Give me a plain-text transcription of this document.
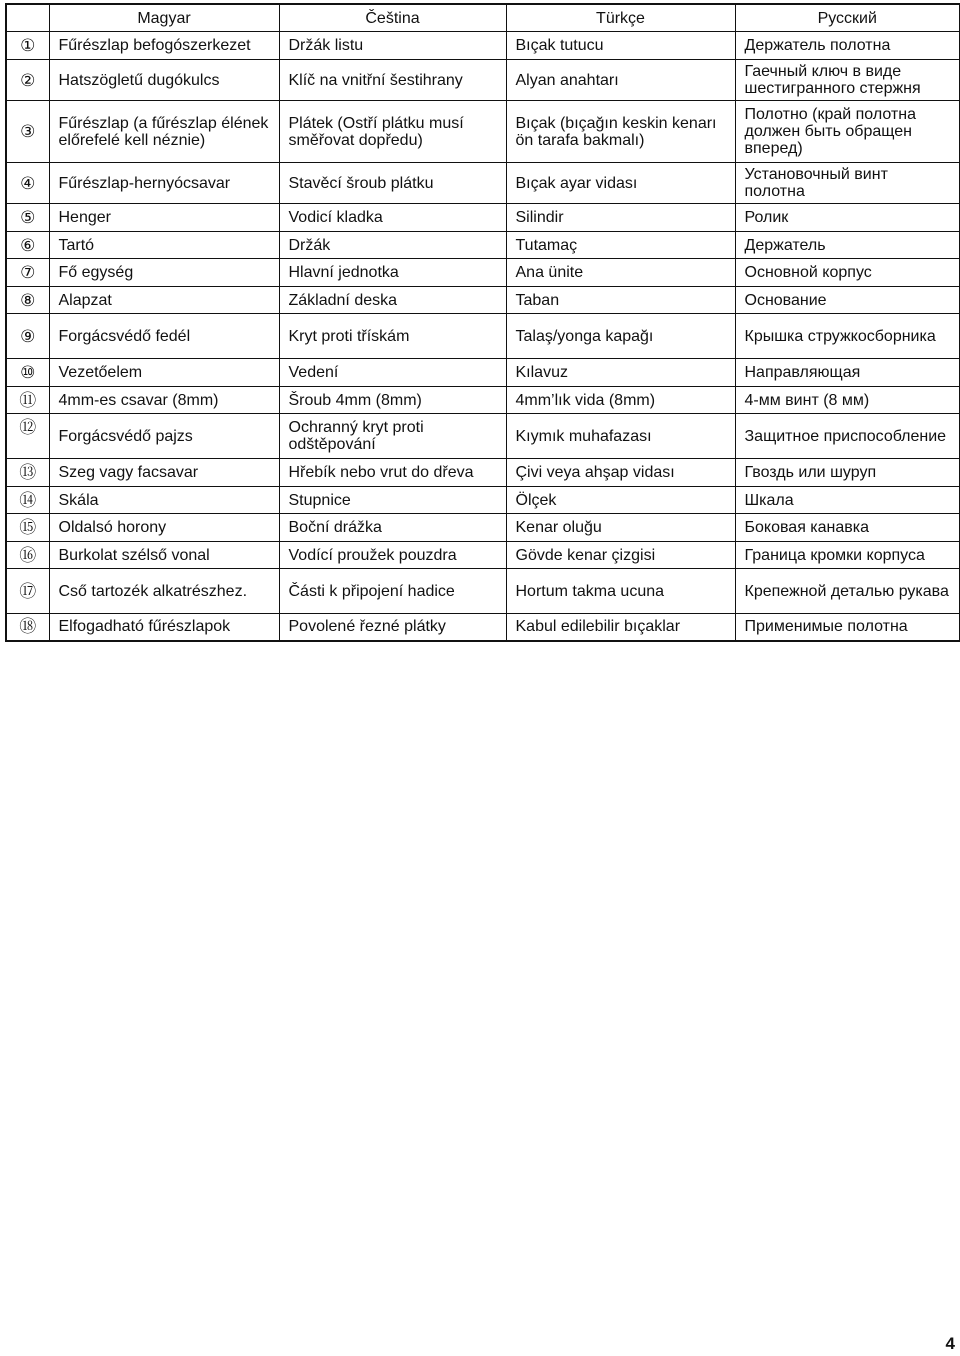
	Magyar	Čeština	Türkçe	Русский
①	Fűrészlap befogószerkezet	Držák listu	Bıçak tutucu	Держатель полотна
②	Hatszögletű dugókulcs	Klíč na vnitřní šestihrany	Alyan anahtarı	Гаечный ключ в виде шестигранного стержня
③	Fűrészlap (a fűrészlap élének előrefelé kell néznie)	Plátek (Ostří plátku musí směřovat dopředu)	Bıçak (bıçağın keskin kenarı ön tarafa bakmalı)	Полотно (край полотна должен быть обращен вперед)
④	Fűrészlap-hernyócsavar	Stavěcí šroub plátku	Bıçak ayar vidası	Установочный винт полотна
⑤	Henger	Vodicí kladka	Silindir	Ролик
⑥	Tartó	Držák	Tutamaç	Держатель
⑦	Fő egység	Hlavní jednotka	Ana ünite	Основной корпус
⑧	Alapzat	Základní deska	Taban	Основание
⑨	Forgácsvédő fedél	Kryt proti třískám	Talaş/yonga kapağı	Крышка стружкосборника
⑩	Vezetőelem	Vedení	Kılavuz	Направляющая
⑪	4mm-es csavar (8mm)	Šroub 4mm (8mm)	4mm’lık vida (8mm)	4-мм винт (8 мм)
⑫	Forgácsvédő pajzs	Ochranný kryt proti odštěpování	Kıymık muhafazası	Защитное приспособление
⑬	Szeg vagy facsavar	Hřebík nebo vrut do dřeva	Çivi veya ahşap vidası	Гвоздь или шуруп
⑭	Skála	Stupnice	Ölçek	Шкала
⑮	Oldalsó horony	Boční drážka	Kenar oluğu	Боковая канавка
⑯	Burkolat szélső vonal	Vodící proužek pouzdra	Gövde kenar çizgisi	Граница кромки корпуса
⑰	Cső tartozék alkatrészhez.	Části k připojení hadice	Hortum takma ucuna	Крепежной деталью рукава
⑱	Elfogadható fűrészlapok	Povolené řezné plátky	Kabul edilebilir bıçaklar	Применимые полотна
4
